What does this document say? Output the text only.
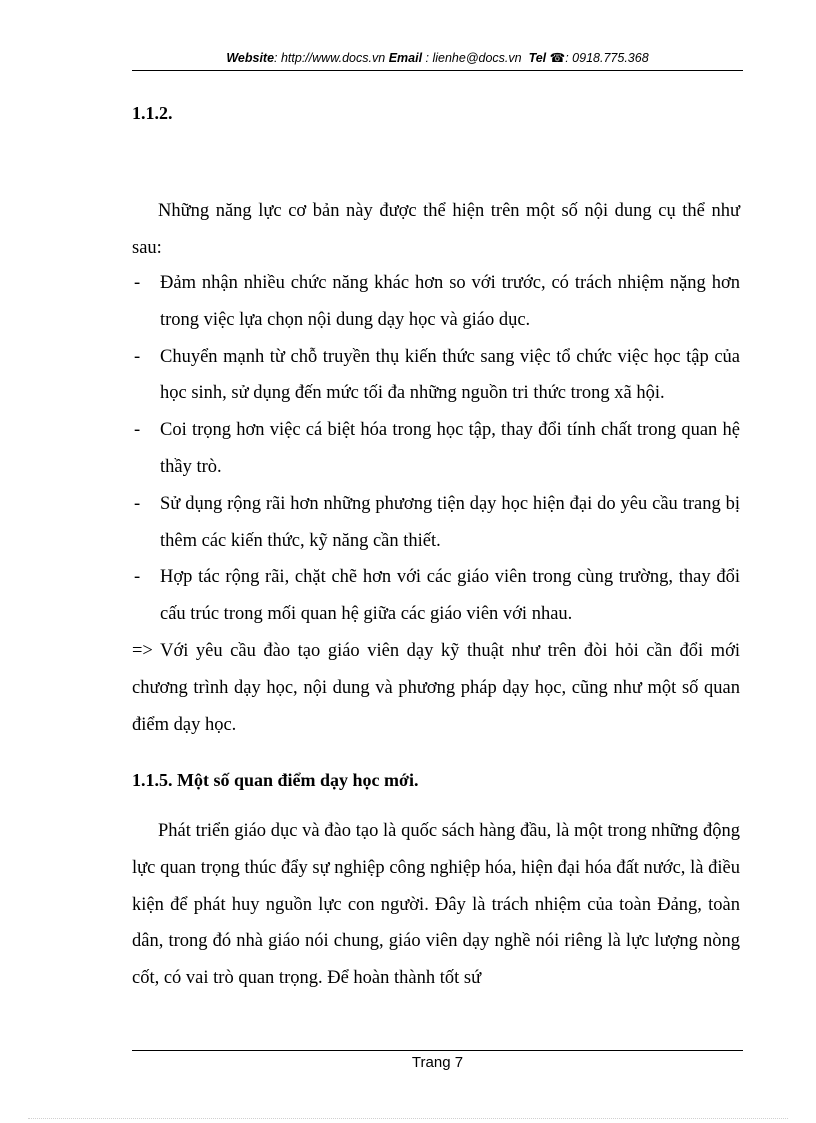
Website: http://www.docs.vn Email : lienhe@docs.vn Tel ☎: 0918.775.368
1.1.2.

Những năng lực cơ bản này được thể hiện trên một số nội dung cụ thể như sau:

- Đảm nhận nhiều chức năng khác hơn so với trước, có trách nhiệm nặng hơn trong việc lựa chọn nội dung dạy học và giáo dục.
- Chuyển mạnh từ chỗ truyền thụ kiến thức sang việc tổ chức việc học tập của học sinh, sử dụng đến mức tối đa những nguồn tri thức trong xã hội.
- Coi trọng hơn việc cá biệt hóa trong học tập, thay đổi tính chất trong quan hệ thầy trò.
- Sử dụng rộng rãi hơn những phương tiện dạy học hiện đại do yêu cầu trang bị thêm các kiến thức, kỹ năng cần thiết.
- Hợp tác rộng rãi, chặt chẽ hơn với các giáo viên trong cùng trường, thay đổi cấu trúc trong mối quan hệ giữa các giáo viên với nhau.

=> Với yêu cầu đào tạo giáo viên dạy kỹ thuật như trên đòi hỏi cần đổi mới chương trình dạy học, nội dung và phương pháp dạy học, cũng như một số quan điểm dạy học.

1.1.5. Một số quan điểm dạy học mới.

Phát triển giáo dục và đào tạo là quốc sách hàng đầu, là một trong những động lực quan trọng thúc đẩy sự nghiệp công nghiệp hóa, hiện đại hóa đất nước, là điều kiện để phát huy nguồn lực con người. Đây là trách nhiệm của toàn Đảng, toàn dân, trong đó nhà giáo nói chung, giáo viên dạy nghề nói riêng là lực lượng nòng cốt, có vai trò quan trọng. Để hoàn thành tốt sứ

Trang 7
